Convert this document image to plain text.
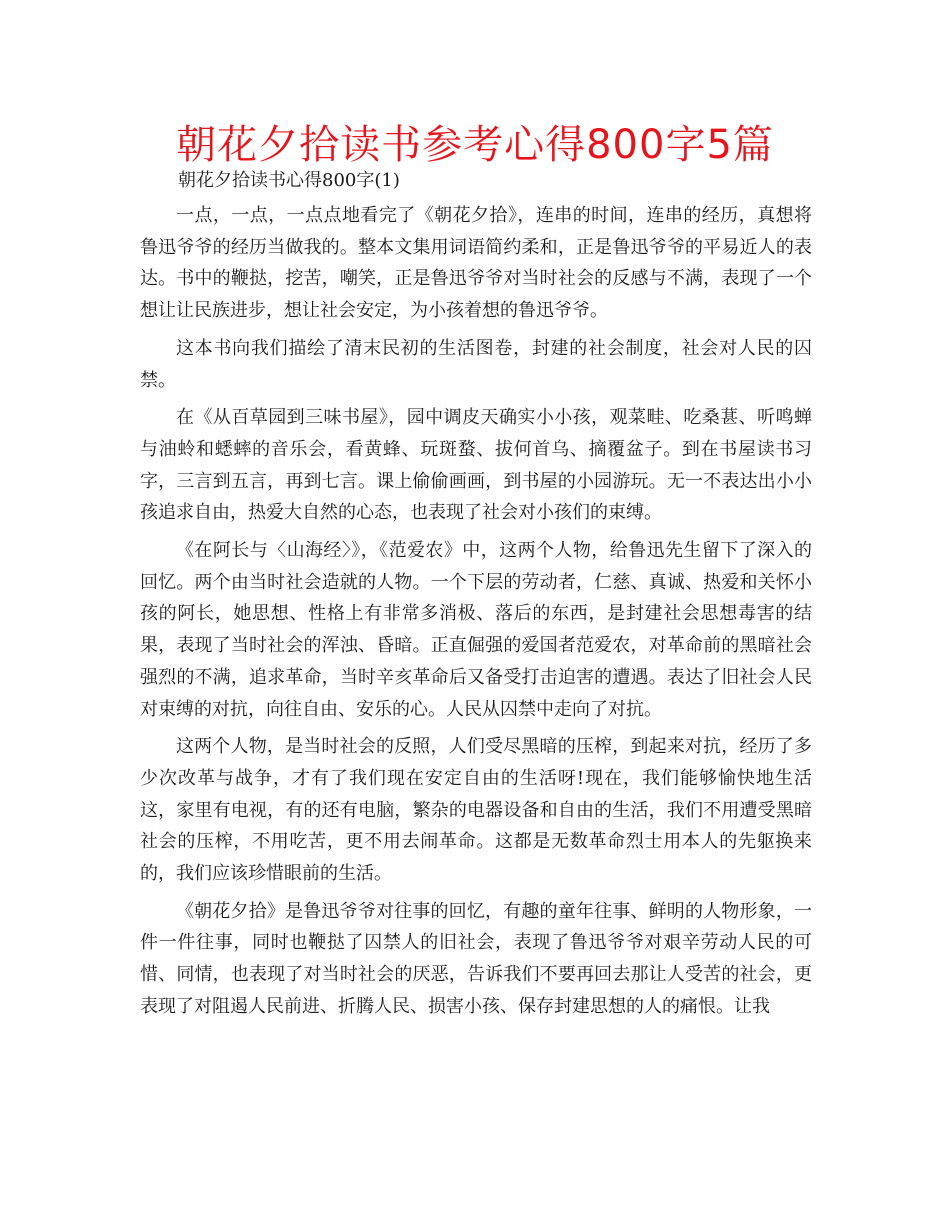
朝花夕拾读书参考心得800字5篇

朝花夕拾读书心得800字(1)

一点，一点，一点点地看完了《朝花夕拾》，连串的时间，连串的经历，真想将鲁迅爷爷的经历当做我的。整本文集用词语简约柔和，正是鲁迅爷爷的平易近人的表达。书中的鞭挞，挖苦，嘲笑，正是鲁迅爷爷对当时社会的反感与不满，表现了一个想让让民族进步，想让社会安定，为小孩着想的鲁迅爷爷。

这本书向我们描绘了清末民初的生活图卷，封建的社会制度，社会对人民的囚禁。

在《从百草园到三味书屋》，园中调皮天确实小小孩，观菜畦、吃桑葚、听鸣蝉与油蛉和蟋蟀的音乐会，看黄蜂、玩斑蝥、拔何首乌、摘覆盆子。到在书屋读书习字，三言到五言，再到七言。课上偷偷画画，到书屋的小园游玩。无一不表达出小小孩追求自由，热爱大自然的心态，也表现了社会对小孩们的束缚。

《在阿长与〈山海经〉》，《范爱农》中，这两个人物，给鲁迅先生留下了深入的回忆。两个由当时社会造就的人物。一个下层的劳动者，仁慈、真诚、热爱和关怀小孩的阿长，她思想、性格上有非常多消极、落后的东西，是封建社会思想毒害的结果，表现了当时社会的浑浊、昏暗。正直倔强的爱国者范爱农，对革命前的黑暗社会强烈的不满，追求革命，当时辛亥革命后又备受打击迫害的遭遇。表达了旧社会人民对束缚的对抗，向往自由、安乐的心。人民从囚禁中走向了对抗。

这两个人物，是当时社会的反照，人们受尽黑暗的压榨，到起来对抗，经历了多少次改革与战争，才有了我们现在安定自由的生活呀!现在，我们能够愉快地生活这，家里有电视，有的还有电脑，繁杂的电器设备和自由的生活，我们不用遭受黑暗社会的压榨，不用吃苦，更不用去闹革命。这都是无数革命烈士用本人的先躯换来的，我们应该珍惜眼前的生活。

《朝花夕拾》是鲁迅爷爷对往事的回忆，有趣的童年往事、鲜明的人物形象，一件一件往事，同时也鞭挞了囚禁人的旧社会，表现了鲁迅爷爷对艰辛劳动人民的可惜、同情，也表现了对当时社会的厌恶，告诉我们不要再回去那让人受苦的社会，更表现了对阻遏人民前进、折腾人民、损害小孩、保存封建思想的人的痛恨。让我
